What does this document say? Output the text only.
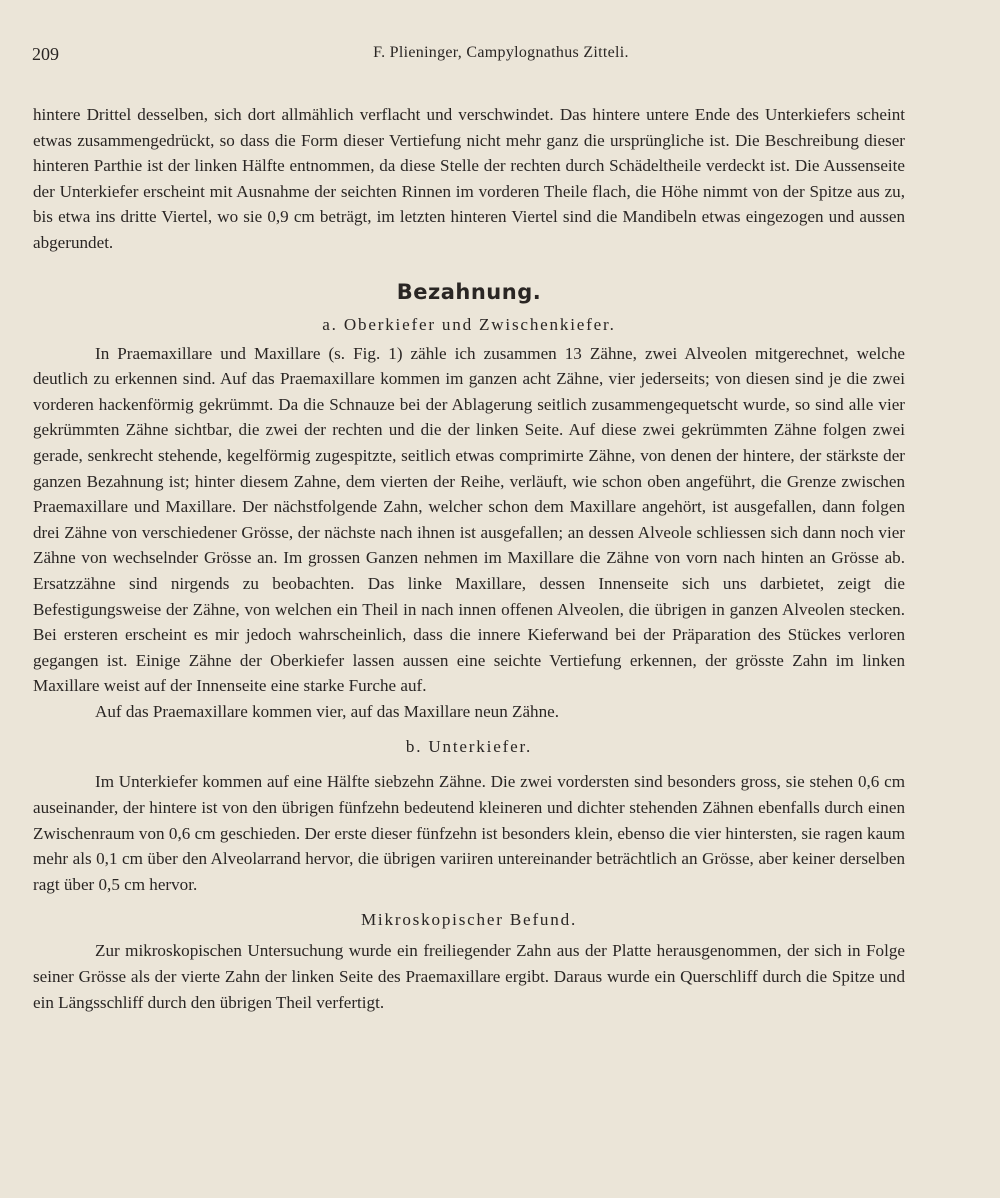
209	F. Plieninger, Campylognathus Zitteli.

hintere Drittel desselben, sich dort allmählich verflacht und verschwindet. Das hintere untere Ende des Unterkiefers scheint etwas zusammengedrückt, so dass die Form dieser Vertiefung nicht mehr ganz die ursprüngliche ist. Die Beschreibung dieser hinteren Parthie ist der linken Hälfte entnommen, da diese Stelle der rechten durch Schädeltheile verdeckt ist. Die Aussenseite der Unterkiefer erscheint mit Ausnahme der seichten Rinnen im vorderen Theile flach, die Höhe nimmt von der Spitze aus zu, bis etwa ins dritte Viertel, wo sie 0,9 cm beträgt, im letzten hinteren Viertel sind die Mandibeln etwas eingezogen und aussen abgerundet.

Bezahnung.
a. Oberkiefer und Zwischenkiefer.

In Praemaxillare und Maxillare (s. Fig. 1) zähle ich zusammen 13 Zähne, zwei Alveolen mitgerechnet, welche deutlich zu erkennen sind. Auf das Praemaxillare kommen im ganzen acht Zähne, vier jederseits; von diesen sind je die zwei vorderen hackenförmig gekrümmt. Da die Schnauze bei der Ablagerung seitlich zusammengequetscht wurde, so sind alle vier gekrümmten Zähne sichtbar, die zwei der rechten und die der linken Seite. Auf diese zwei gekrümmten Zähne folgen zwei gerade, senkrecht stehende, kegelförmig zugespitzte, seitlich etwas comprimirte Zähne, von denen der hintere, der stärkste der ganzen Bezahnung ist; hinter diesem Zahne, dem vierten der Reihe, verläuft, wie schon oben angeführt, die Grenze zwischen Praemaxillare und Maxillare. Der nächstfolgende Zahn, welcher schon dem Maxillare angehört, ist ausgefallen, dann folgen drei Zähne von verschiedener Grösse, der nächste nach ihnen ist ausgefallen; an dessen Alveole schliessen sich dann noch vier Zähne von wechselnder Grösse an. Im grossen Ganzen nehmen im Maxillare die Zähne von vorn nach hinten an Grösse ab. Ersatzzähne sind nirgends zu beobachten. Das linke Maxillare, dessen Innenseite sich uns darbietet, zeigt die Befestigungsweise der Zähne, von welchen ein Theil in nach innen offenen Alveolen, die übrigen in ganzen Alveolen stecken. Bei ersteren erscheint es mir jedoch wahrscheinlich, dass die innere Kieferwand bei der Präparation des Stückes verloren gegangen ist. Einige Zähne der Oberkiefer lassen aussen eine seichte Vertiefung erkennen, der grösste Zahn im linken Maxillare weist auf der Innenseite eine starke Furche auf.

Auf das Praemaxillare kommen vier, auf das Maxillare neun Zähne.

b. Unterkiefer.

Im Unterkiefer kommen auf eine Hälfte siebzehn Zähne. Die zwei vordersten sind besonders gross, sie stehen 0,6 cm auseinander, der hintere ist von den übrigen fünfzehn bedeutend kleineren und dichter stehenden Zähnen ebenfalls durch einen Zwischenraum von 0,6 cm geschieden. Der erste dieser fünfzehn ist besonders klein, ebenso die vier hintersten, sie ragen kaum mehr als 0,1 cm über den Alveolarrand hervor, die übrigen variiren untereinander beträchtlich an Grösse, aber keiner derselben ragt über 0,5 cm hervor.

Mikroskopischer Befund.

Zur mikroskopischen Untersuchung wurde ein freiliegender Zahn aus der Platte herausgenommen, der sich in Folge seiner Grösse als der vierte Zahn der linken Seite des Praemaxillare ergibt. Daraus wurde ein Querschliff durch die Spitze und ein Längsschliff durch den übrigen Theil verfertigt.
